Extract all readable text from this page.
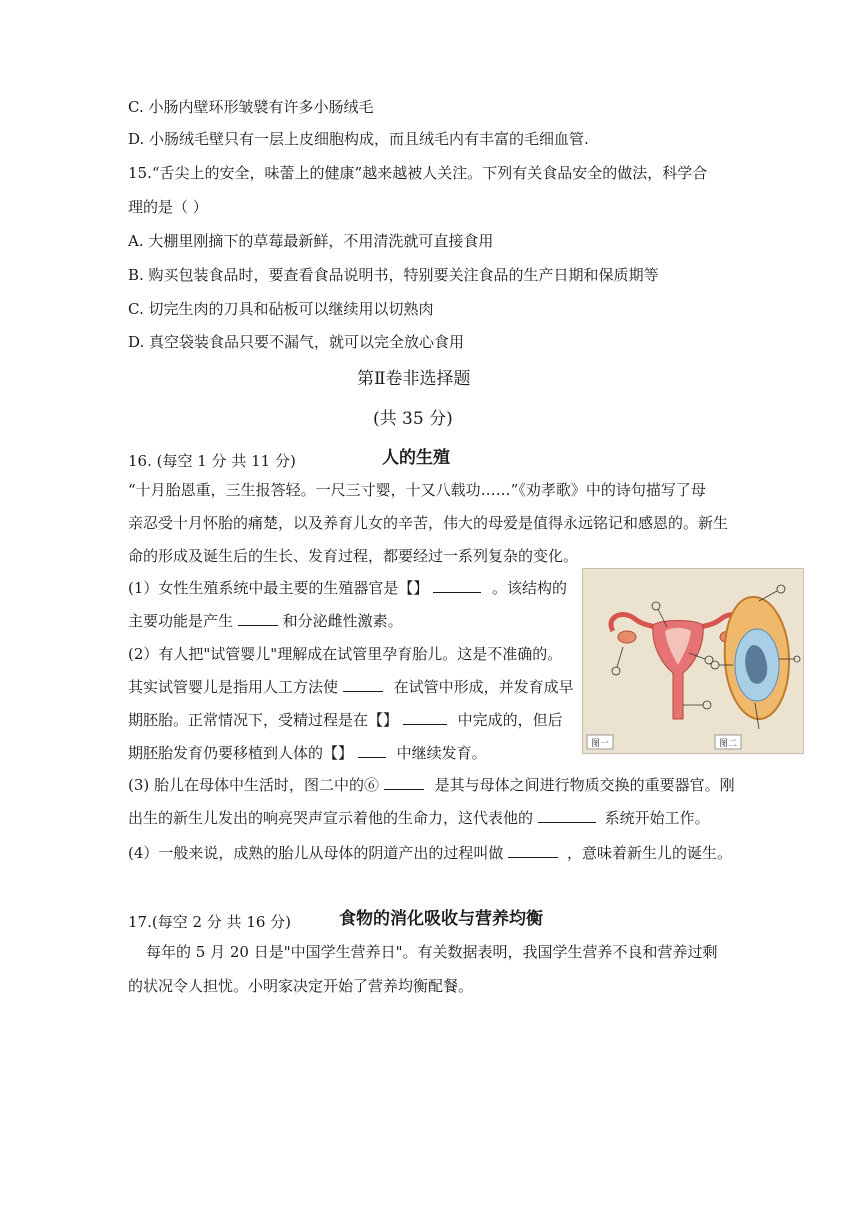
C. 小肠内壁环形皱襞有许多小肠绒毛
D. 小肠绒毛壁只有一层上皮细胞构成，而且绒毛内有丰富的毛细血管.
15.“舌尖上的安全，味蕾上的健康”越来越被人关注。下列有关食品安全的做法，科学合
理的是（ ）
A. 大棚里刚摘下的草莓最新鲜，不用清洗就可直接食用
B. 购买包装食品时，要查看食品说明书，特别要关注食品的生产日期和保质期等
C. 切完生肉的刀具和砧板可以继续用以切熟肉
D. 真空袋装食品只要不漏气，就可以完全放心食用
第Ⅱ卷非选择题
(共 35 分)
16. (每空 1 分 共 11 分)	人的生殖
“十月胎恩重，三生报答轻。一尺三寸婴，十又八载功……”《劝孝歌》中的诗句描写了母
亲忍受十月怀胎的痛楚，以及养育儿女的辛苦，伟大的母爱是值得永远铭记和感恩的。新生
命的形成及诞生后的生长、发育过程，都要经过一系列复杂的变化。
(1）女性生殖系统中最主要的生殖器官是【】	。该结构的
主要功能是产生	和分泌雌性激素。
(2）有人把"试管婴儿"理解成在试管里孕育胎儿。这是不准确的。
其实试管婴儿是指用人工方法使	在试管中形成，并发育成早
期胚胎。正常情况下，受精过程是在【】	中完成的，但后
期胚胎发育仍要移植到人体的【】	中继续发育。	图一	图二
(3) 胎儿在母体中生活时，图二中的⑥	是其与母体之间进行物质交换的重要器官。刚
出生的新生儿发出的响亮哭声宣示着他的生命力，这代表他的	系统开始工作。
(4）一般来说，成熟的胎儿从母体的阴道产出的过程叫做	，意味着新生儿的诞生。
17.(每空 2 分 共 16 分)	食物的消化吸收与营养均衡
每年的 5 月 20 日是"中国学生营养日"。有关数据表明，我国学生营养不良和营养过剩
的状况令人担忧。小明家决定开始了营养均衡配餐。
